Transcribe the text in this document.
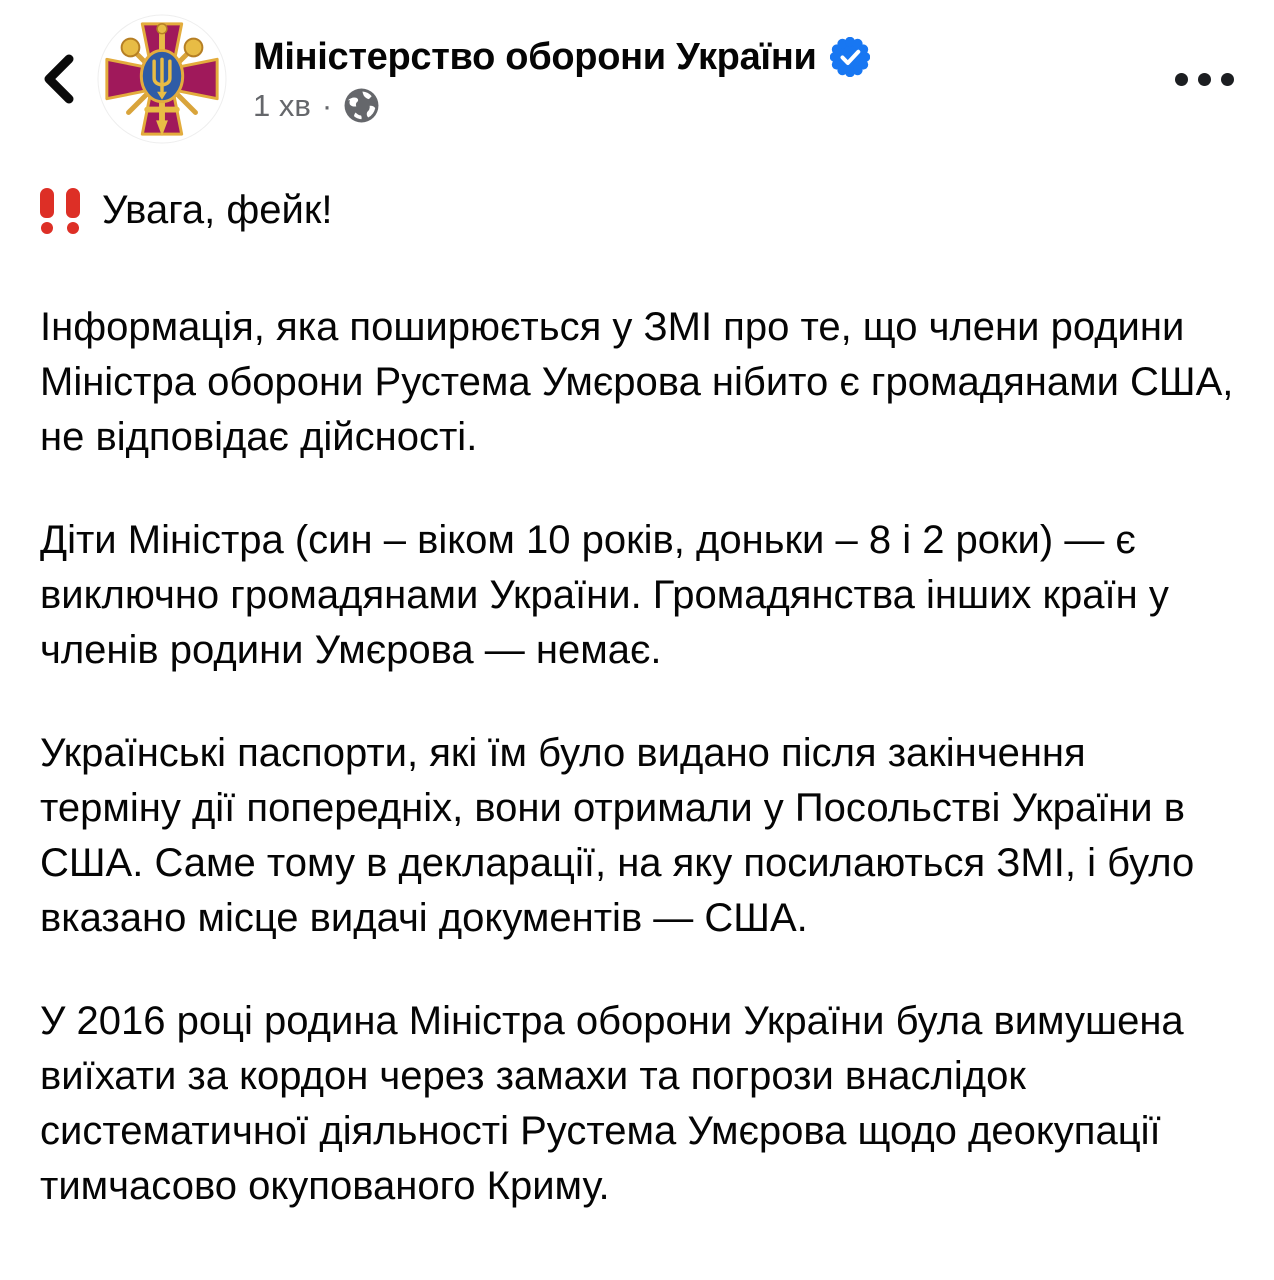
Міністерство оборони України
1 хв ·

Увага, фейк!

Інформація, яка поширюється у ЗМІ про те, що члени родини Міністра оборони Рустема Умєрова нібито є громадянами США, не відповідає дійсності.

Діти Міністра (син – віком 10 років, доньки – 8 і 2 роки) — є виключно громадянами України. Громадянства інших країн у членів родини Умєрова — немає.

Українські паспорти, які їм було видано після закінчення терміну дії попередніх, вони отримали у Посольстві України в США. Саме тому в декларації, на яку посилаються ЗМІ, і було вказано місце видачі документів — США.

У 2016 році родина Міністра оборони України була вимушена виїхати за кордон через замахи та погрози внаслідок систематичної діяльності Рустема Умєрова щодо деокупації тимчасово окупованого Криму.
